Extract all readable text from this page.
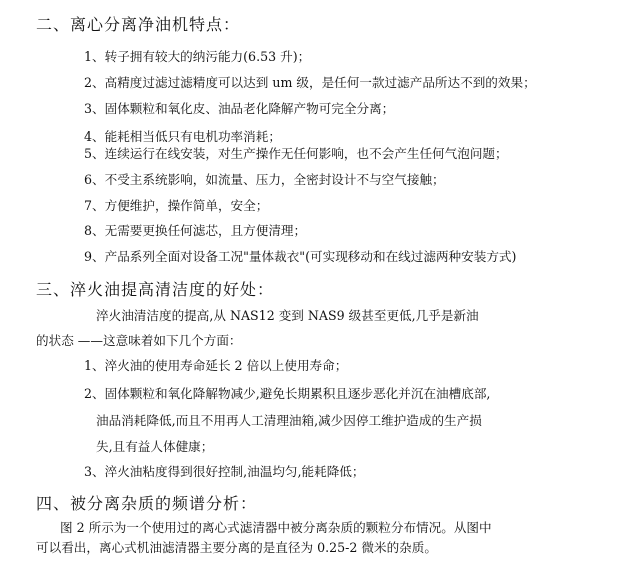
二、离心分离净油机特点：
1、转子拥有较大的纳污能力(6.53 升)；
2、高精度过滤过滤精度可以达到 um 级，是任何一款过滤产品所达不到的效果；
3、固体颗粒和氧化皮、油品老化降解产物可完全分离；
4、能耗相当低只有电机功率消耗；
5、连续运行在线安装，对生产操作无任何影响，也不会产生任何气泡问题；
6、不受主系统影响，如流量、压力，全密封设计不与空气接触；
7、方便维护，操作简单，安全；
8、无需要更换任何滤芯，且方便清理；
9、产品系列全面对设备工况"量体裁衣"(可实现移动和在线过滤两种安装方式)
三、淬火油提高清洁度的好处：
淬火油清洁度的提高,从 NAS12 变到 NAS9 级甚至更低,几乎是新油
的状态 ——这意味着如下几个方面：
1、淬火油的使用寿命延长 2 倍以上使用寿命；
2、固体颗粒和氧化降解物减少,避免长期累积且逐步恶化并沉在油槽底部,
油品消耗降低,而且不用再人工清理油箱,减少因停工维护造成的生产损
失,且有益人体健康；
3、淬火油粘度得到很好控制,油温均匀,能耗降低；
四、被分离杂质的频谱分析：
图 2 所示为一个使用过的离心式滤清器中被分离杂质的颗粒分布情况。从图中
可以看出，离心式机油滤清器主要分离的是直径为 0.25-2 微米的杂质。
